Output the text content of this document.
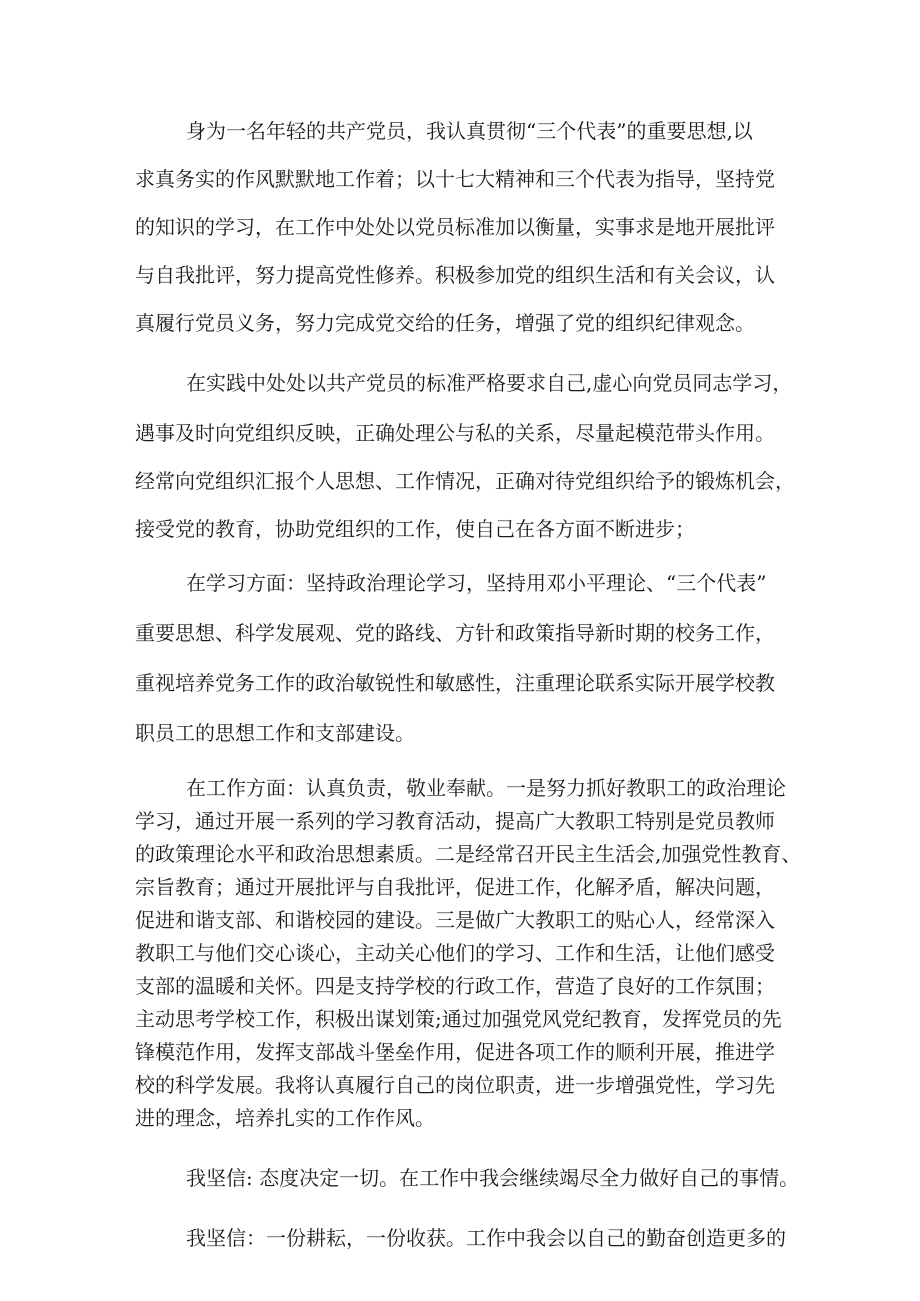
身为一名年轻的共产党员，我认真贯彻“三个代表”的重要思想,以

求真务实的作风默默地工作着；以十七大精神和三个代表为指导，坚持党

的知识的学习，在工作中处处以党员标准加以衡量，实事求是地开展批评

与自我批评，努力提高党性修养。积极参加党的组织生活和有关会议，认

真履行党员义务，努力完成党交给的任务，增强了党的组织纪律观念。

在实践中处处以共产党员的标准严格要求自己,虚心向党员同志学习，

遇事及时向党组织反映，正确处理公与私的关系，尽量起模范带头作用。

经常向党组织汇报个人思想、工作情况，正确对待党组织给予的锻炼机会，

接受党的教育，协助党组织的工作，使自己在各方面不断进步；

在学习方面：坚持政治理论学习，坚持用邓小平理论、“三个代表”

重要思想、科学发展观、党的路线、方针和政策指导新时期的校务工作，

重视培养党务工作的政治敏锐性和敏感性，注重理论联系实际开展学校教

职员工的思想工作和支部建设。

在工作方面：认真负责，敬业奉献。一是努力抓好教职工的政治理论

学习，通过开展一系列的学习教育活动，提高广大教职工特别是党员教师

的政策理论水平和政治思想素质。二是经常召开民主生活会,加强党性教育、

宗旨教育；通过开展批评与自我批评，促进工作，化解矛盾，解决问题，

促进和谐支部、和谐校园的建设。三是做广大教职工的贴心人，经常深入

教职工与他们交心谈心，主动关心他们的学习、工作和生活，让他们感受

支部的温暖和关怀。四是支持学校的行政工作，营造了良好的工作氛围；

主动思考学校工作，积极出谋划策;通过加强党风党纪教育，发挥党员的先

锋模范作用，发挥支部战斗堡垒作用，促进各项工作的顺利开展，推进学

校的科学发展。我将认真履行自己的岗位职责，进一步增强党性，学习先

进的理念，培养扎实的工作作风。

我坚信: 态度决定一切。在工作中我会继续竭尽全力做好自己的事情。

我坚信：一份耕耘，一份收获。工作中我会以自己的勤奋创造更多的
